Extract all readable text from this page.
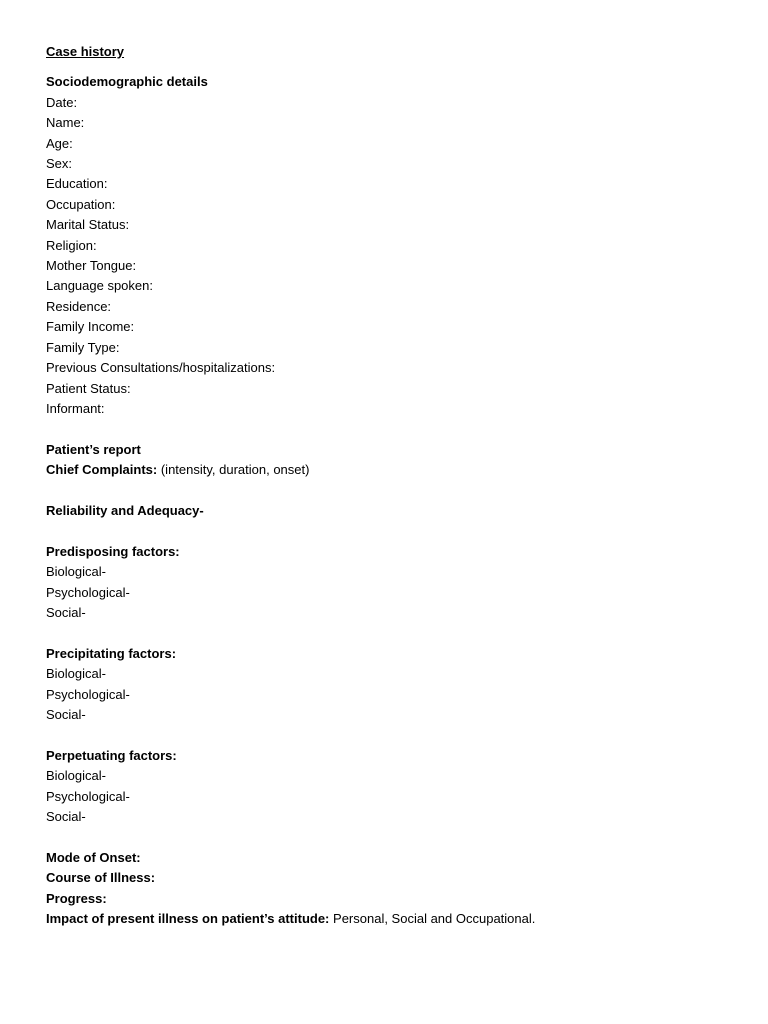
Case history
Sociodemographic details
Date:
Name:
Age:
Sex:
Education:
Occupation:
Marital Status:
Religion:
Mother Tongue:
Language spoken:
Residence:
Family Income:
Family Type:
Previous Consultations/hospitalizations:
Patient Status:
Informant:
Patient’s report
Chief Complaints: (intensity, duration, onset)
Reliability and Adequacy-
Predisposing factors:
Biological-
Psychological-
Social-
Precipitating factors:
Biological-
Psychological-
Social-
Perpetuating factors:
Biological-
Psychological-
Social-
Mode of Onset:
Course of Illness:
Progress:
Impact of present illness on patient’s attitude: Personal, Social and Occupational.
